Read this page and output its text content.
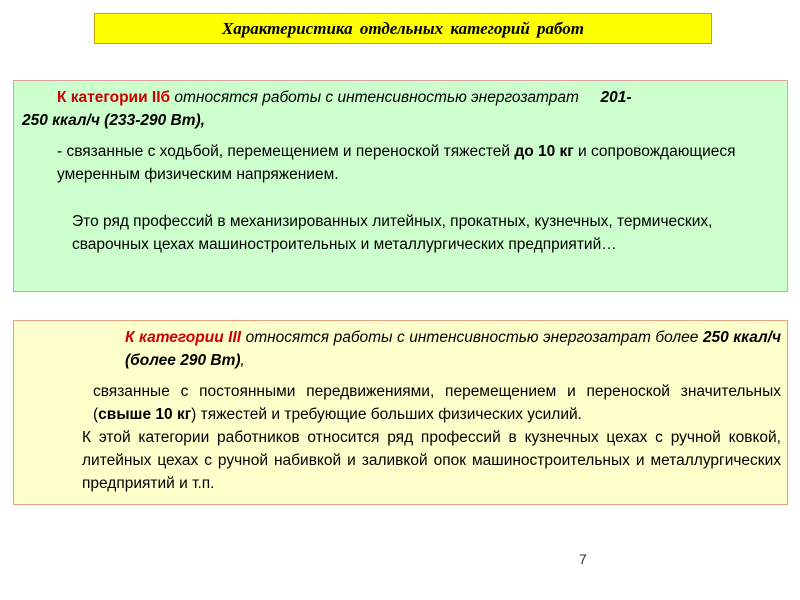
Характеристика отдельных категорий работ

К категории IIб относятся работы с интенсивностью энергозатрат     201-

250 ккал/ч (233-290 Вт),

- связанные с ходьбой, перемещением и переноской тяжестей до 10 кг и сопровождающиеся умеренным физическим напряжением.

Это ряд профессий в механизированных литейных, прокатных, кузнечных, термических, сварочных цехах машиностроительных и металлургических предприятий…

К категории III относятся работы с интенсивностью энергозатрат более 250 ккал/ч (более 290 Вт),

связанные с постоянными передвижениями, перемещением и переноской значительных (свыше 10 кг) тяжестей и требующие больших физических усилий.

К этой категории работников относится ряд профессий в кузнечных цехах с ручной ковкой, литейных цехах с ручной набивкой и заливкой опок машиностроительных и металлургических предприятий и т.п.

7
